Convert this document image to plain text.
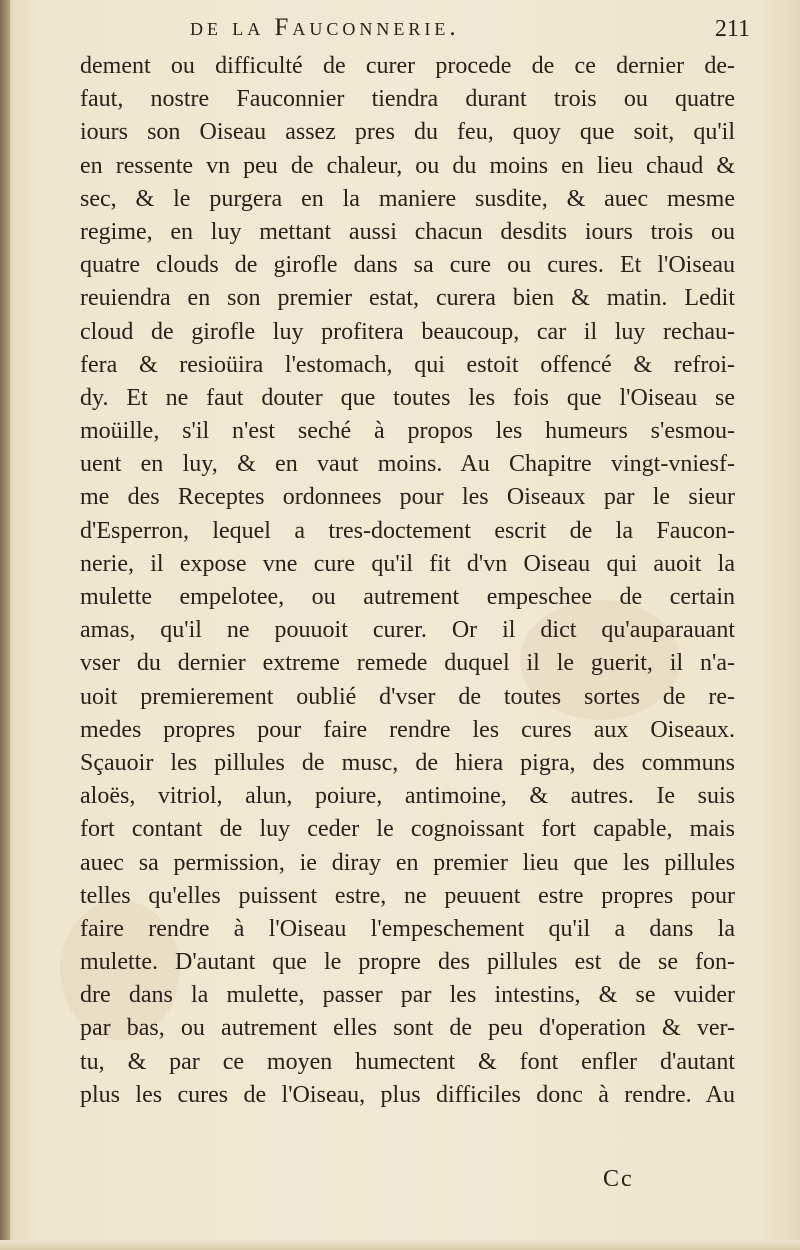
de la Fauconnerie.	211
dement ou difficulté de curer procede de ce dernier de-
faut, nostre Fauconnier tiendra durant trois ou quatre
iours son Oiseau assez pres du feu, quoy que soit, qu'il
en ressente vn peu de chaleur, ou du moins en lieu chaud &
sec, & le purgera en la maniere susdite, & auec mesme
regime, en luy mettant aussi chacun desdits iours trois ou
quatre clouds de girofle dans sa cure ou cures. Et l'Oiseau
reuiendra en son premier estat, curera bien & matin. Ledit
cloud de girofle luy profitera beaucoup, car il luy rechau-
fera & resioüira l'estomach, qui estoit offencé & refroi-
dy. Et ne faut douter que toutes les fois que l'Oiseau se
moüille, s'il n'est seché à propos les humeurs s'esmou-
uent en luy, & en vaut moins. Au Chapitre vingt-vniesf-
me des Receptes ordonnees pour les Oiseaux par le sieur
d'Esperron, lequel a tres-doctement escrit de la Faucon-
nerie, il expose vne cure qu'il fit d'vn Oiseau qui auoit la
mulette empelotee, ou autrement empeschee de certain
amas, qu'il ne pouuoit curer. Or il dict qu'auparauant
vser du dernier extreme remede duquel il le guerit, il n'a-
uoit premierement oublié d'vser de toutes sortes de re-
medes propres pour faire rendre les cures aux Oiseaux.
Sçauoir les pillules de musc, de hiera pigra, des communs
aloës, vitriol, alun, poiure, antimoine, & autres. Ie suis
fort contant de luy ceder le cognoissant fort capable, mais
auec sa permission, ie diray en premier lieu que les pillules
telles qu'elles puissent estre, ne peuuent estre propres pour
faire rendre à l'Oiseau l'empeschement qu'il a dans la
mulette. D'autant que le propre des pillules est de se fon-
dre dans la mulette, passer par les intestins, & se vuider
par bas, ou autrement elles sont de peu d'operation & ver-
tu, & par ce moyen humectent & font enfler d'autant
plus les cures de l'Oiseau, plus difficiles donc à rendre. Au
Cc
